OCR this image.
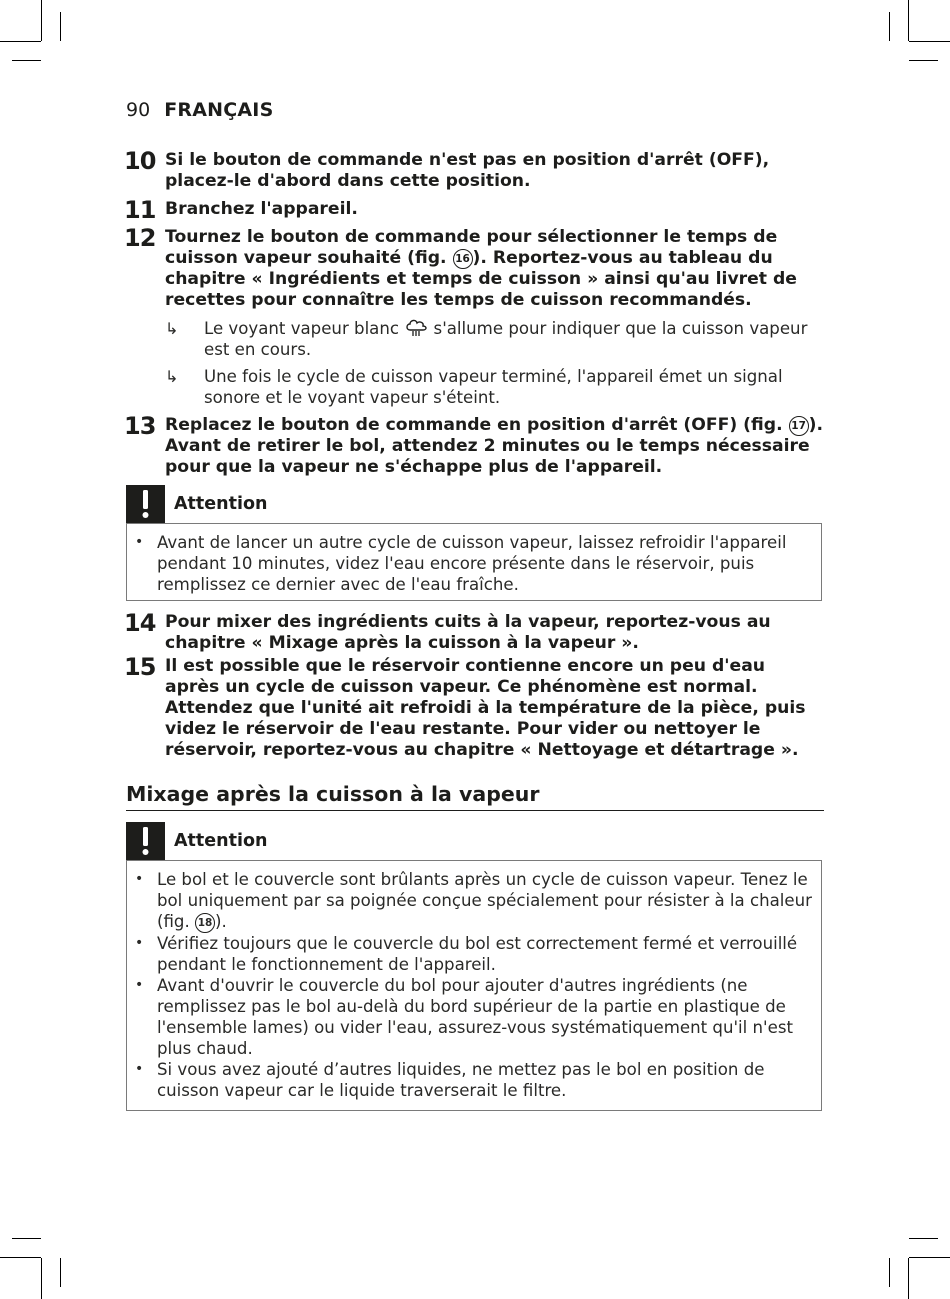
90 FRANÇAIS
10 Si le bouton de commande n'est pas en position d'arrêt (OFF), placez-le d'abord dans cette position.
11 Branchez l'appareil.
12 Tournez le bouton de commande pour sélectionner le temps de cuisson vapeur souhaité (fig. 16 ). Reportez-vous au tableau du chapitre « Ingrédients et temps de cuisson » ainsi qu'au livret de recettes pour connaître les temps de cuisson recommandés.
↳ Le voyant vapeur blanc  s'allume pour indiquer que la cuisson vapeur est en cours.
↳ Une fois le cycle de cuisson vapeur terminé, l'appareil émet un signal sonore et le voyant vapeur s'éteint.
13 Replacez le bouton de commande en position d'arrêt (OFF) (fig. 17 ). Avant de retirer le bol, attendez 2 minutes ou le temps nécessaire pour que la vapeur ne s'échappe plus de l'appareil.
Attention
• Avant de lancer un autre cycle de cuisson vapeur, laissez refroidir l'appareil pendant 10 minutes, videz l'eau encore présente dans le réservoir, puis remplissez ce dernier avec de l'eau fraîche.
14 Pour mixer des ingrédients cuits à la vapeur, reportez-vous au chapitre « Mixage après la cuisson à la vapeur ».
15 Il est possible que le réservoir contienne encore un peu d'eau après un cycle de cuisson vapeur. Ce phénomène est normal. Attendez que l'unité ait refroidi à la température de la pièce, puis videz le réservoir de l'eau restante. Pour vider ou nettoyer le réservoir, reportez-vous au chapitre « Nettoyage et détartrage ».
Mixage après la cuisson à la vapeur
Attention
• Le bol et le couvercle sont brûlants après un cycle de cuisson vapeur. Tenez le bol uniquement par sa poignée conçue spécialement pour résister à la chaleur (fig. 18 ).
• Vérifiez toujours que le couvercle du bol est correctement fermé et verrouillé pendant le fonctionnement de l'appareil.
• Avant d'ouvrir le couvercle du bol pour ajouter d'autres ingrédients (ne remplissez pas le bol au-delà du bord supérieur de la partie en plastique de l'ensemble lames) ou vider l'eau, assurez-vous systématiquement qu'il n'est plus chaud.
• Si vous avez ajouté d’autres liquides, ne mettez pas le bol en position de cuisson vapeur car le liquide traverserait le filtre.
